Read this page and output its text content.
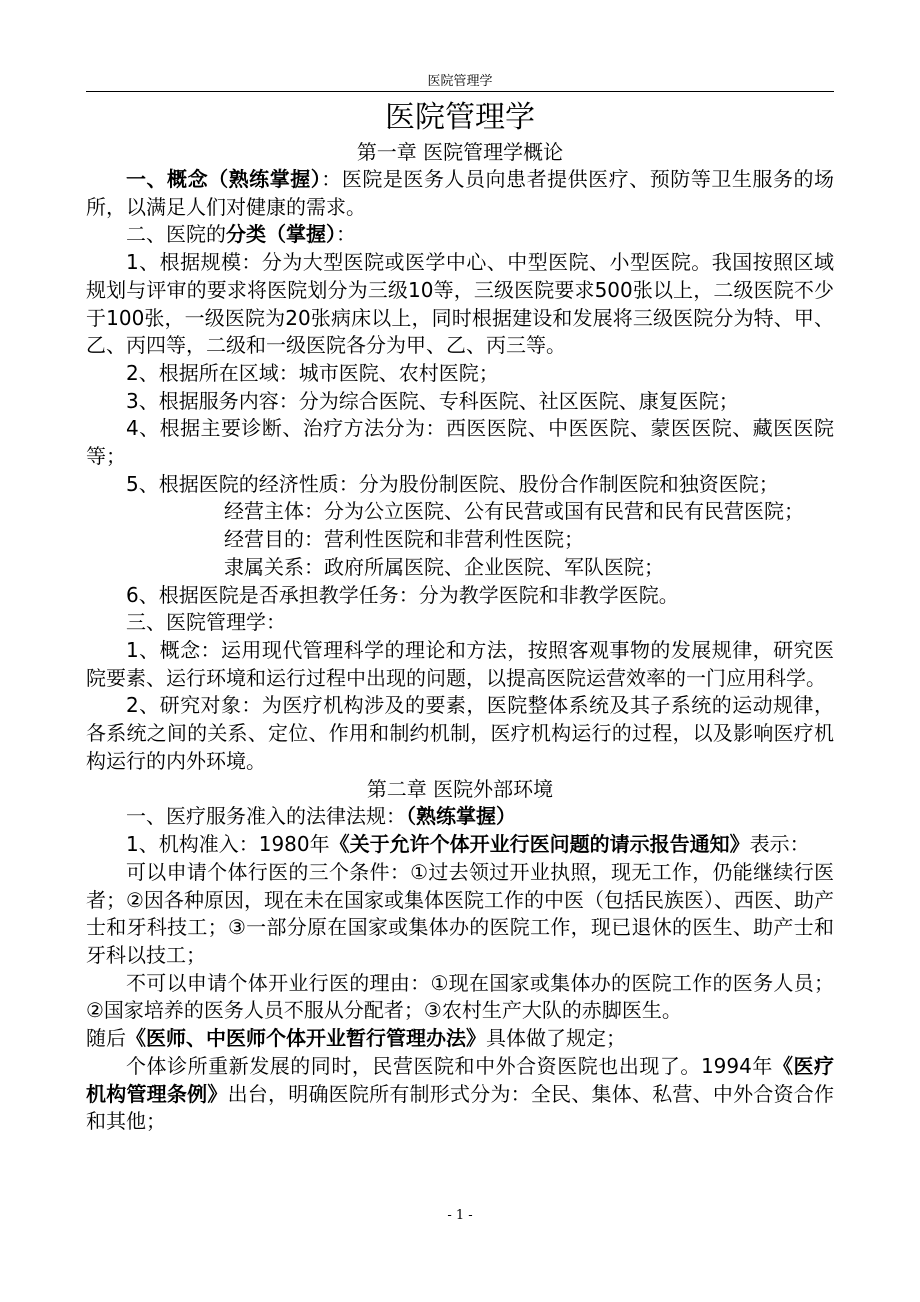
医院管理学

医院管理学

第一章 医院管理学概论

一、概念（熟练掌握）：医院是医务人员向患者提供医疗、预防等卫生服务的场所，以满足人们对健康的需求。

二、医院的分类（掌握）：

1、根据规模：分为大型医院或医学中心、中型医院、小型医院。我国按照区域规划与评审的要求将医院划分为三级10等，三级医院要求500张以上，二级医院不少于100张，一级医院为20张病床以上，同时根据建设和发展将三级医院分为特、甲、乙、丙四等，二级和一级医院各分为甲、乙、丙三等。

2、根据所在区域：城市医院、农村医院；

3、根据服务内容：分为综合医院、专科医院、社区医院、康复医院；

4、根据主要诊断、治疗方法分为：西医医院、中医医院、蒙医医院、藏医医院等；

5、根据医院的经济性质：分为股份制医院、股份合作制医院和独资医院；

经营主体：分为公立医院、公有民营或国有民营和民有民营医院；

经营目的：营利性医院和非营利性医院；

隶属关系：政府所属医院、企业医院、军队医院；

6、根据医院是否承担教学任务：分为教学医院和非教学医院。

三、医院管理学：

1、概念：运用现代管理科学的理论和方法，按照客观事物的发展规律，研究医院要素、运行环境和运行过程中出现的问题，以提高医院运营效率的一门应用科学。

2、研究对象：为医疗机构涉及的要素，医院整体系统及其子系统的运动规律，各系统之间的关系、定位、作用和制约机制，医疗机构运行的过程，以及影响医疗机构运行的内外环境。

第二章 医院外部环境

一、医疗服务准入的法律法规：（熟练掌握）

1、机构准入：1980年《关于允许个体开业行医问题的请示报告通知》表示：

可以申请个体行医的三个条件：①过去领过开业执照，现无工作，仍能继续行医者；②因各种原因，现在未在国家或集体医院工作的中医（包括民族医）、西医、助产士和牙科技工；③一部分原在国家或集体办的医院工作，现已退休的医生、助产士和牙科以技工；

不可以申请个体开业行医的理由：①现在国家或集体办的医院工作的医务人员；②国家培养的医务人员不服从分配者；③农村生产大队的赤脚医生。

随后《医师、中医师个体开业暂行管理办法》具体做了规定；

个体诊所重新发展的同时，民营医院和中外合资医院也出现了。1994年《医疗机构管理条例》出台，明确医院所有制形式分为：全民、集体、私营、中外合资合作和其他；

- 1 -
